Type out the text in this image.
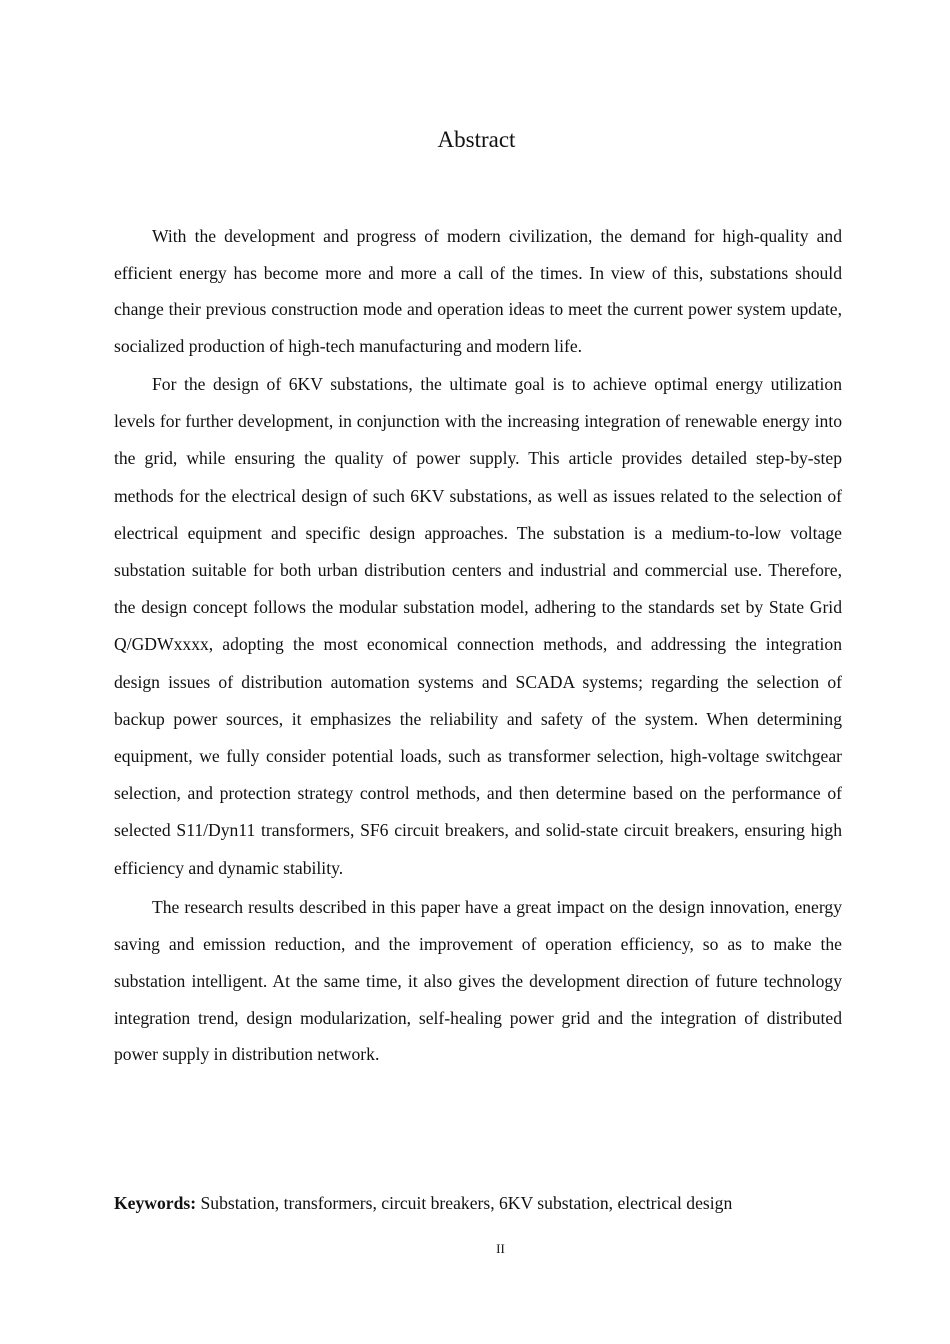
Abstract

With the development and progress of modern civilization, the demand for high-quality and efficient energy has become more and more a call of the times. In view of this, substations should change their previous construction mode and operation ideas to meet the current power system update, socialized production of high-tech manufacturing and modern life.

For the design of 6KV substations, the ultimate goal is to achieve optimal energy utilization levels for further development, in conjunction with the increasing integration of renewable energy into the grid, while ensuring the quality of power supply. This article provides detailed step-by-step methods for the electrical design of such 6KV substations, as well as issues related to the selection of electrical equipment and specific design approaches. The substation is a medium-to-low voltage substation suitable for both urban distribution centers and industrial and commercial use. Therefore, the design concept follows the modular substation model, adhering to the standards set by State Grid Q/GDWxxxx, adopting the most economical connection methods, and addressing the integration design issues of distribution automation systems and SCADA systems; regarding the selection of backup power sources, it emphasizes the reliability and safety of the system. When determining equipment, we fully consider potential loads, such as transformer selection, high-voltage switchgear selection, and protection strategy control methods, and then determine based on the performance of selected S11/Dyn11 transformers, SF6 circuit breakers, and solid-state circuit breakers, ensuring high efficiency and dynamic stability.

The research results described in this paper have a great impact on the design innovation, energy saving and emission reduction, and the improvement of operation efficiency, so as to make the substation intelligent. At the same time, it also gives the development direction of future technology integration trend, design modularization, self-healing power grid and the integration of distributed power supply in distribution network.

Keywords: Substation, transformers, circuit breakers, 6KV substation, electrical design

II
